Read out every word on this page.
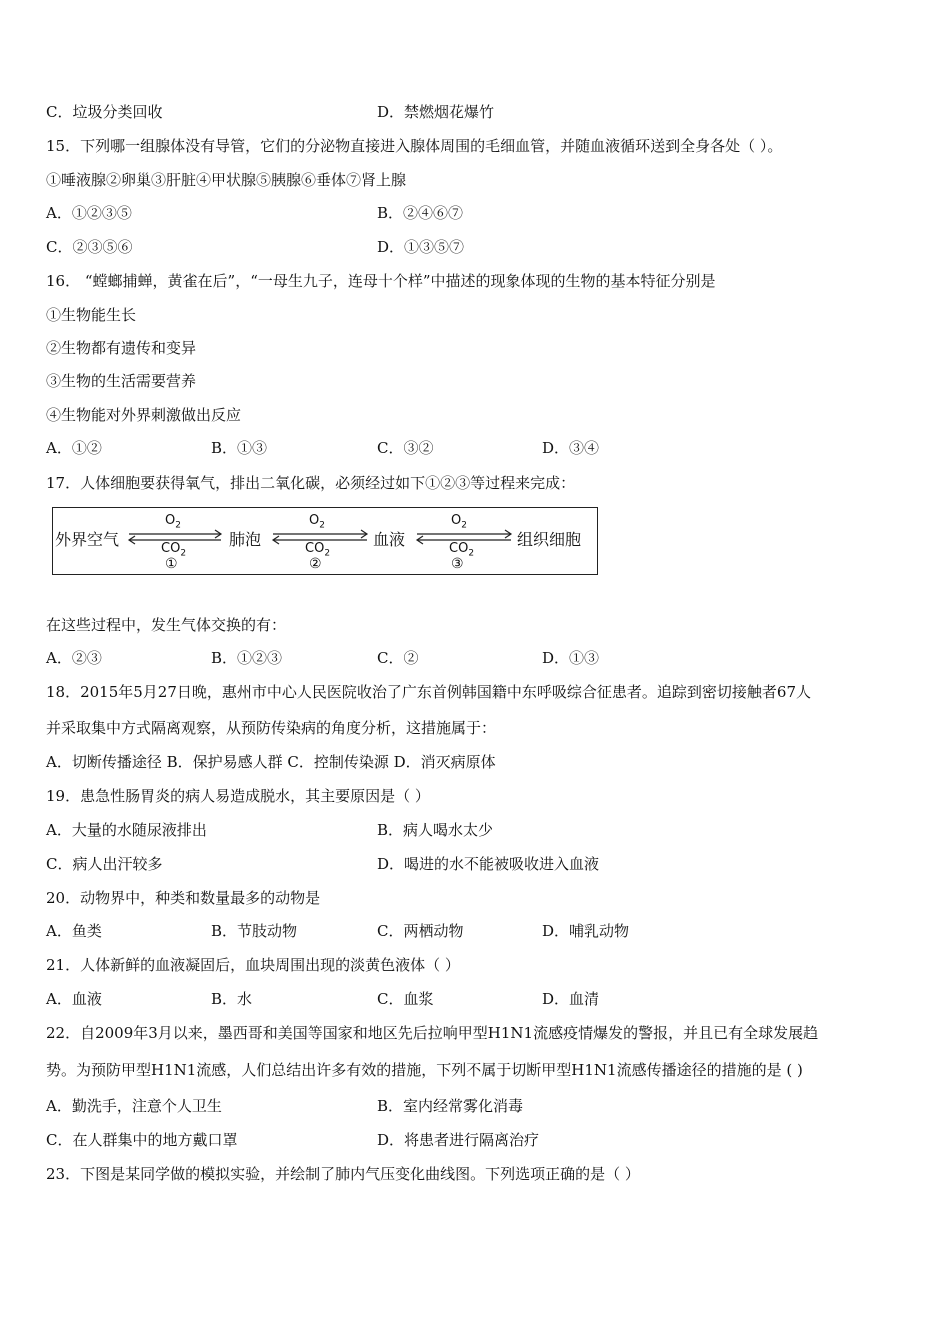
C．垃圾分类回收	D．禁燃烟花爆竹
15．下列哪一组腺体没有导管，它们的分泌物直接进入腺体周围的毛细血管，并随血液循环送到全身各处（ ）。
①唾液腺②卵巢③肝脏④甲状腺⑤胰腺⑥垂体⑦肾上腺
A．①②③⑤	B．②④⑥⑦
C．②③⑤⑥	D．①③⑤⑦
16． “螳螂捕蝉，黄雀在后”，“一母生九子，连母十个样”中描述的现象体现的生物的基本特征分别是
①生物能生长
②生物都有遗传和变异
③生物的生活需要营养
④生物能对外界刺激做出反应
A．①②	B．①③	C．③②	D．③④
17．人体细胞要获得氧气，排出二氧化碳，必须经过如下①②③等过程来完成：
外界空气	肺泡	血液	组织细胞
$O_2$	$O_2$	$O_2$
$CO_2$	$CO_2$	$CO_2$
①	②	③
在这些过程中，发生气体交换的有：
A．②③	B．①②③	C．②	D．①③
18．2015年5月27日晚，惠州市中心人民医院收治了广东首例韩国籍中东呼吸综合征患者。追踪到密切接触者67人
并采取集中方式隔离观察，从预防传染病的角度分析，这措施属于：
A．切断传播途径 B．保护易感人群 C．控制传染源 D．消灭病原体
19．患急性肠胃炎的病人易造成脱水，其主要原因是（ ）
A．大量的水随尿液排出	B．病人喝水太少
C．病人出汗较多	D．喝进的水不能被吸收进入血液
20．动物界中，种类和数量最多的动物是
A．鱼类	B．节肢动物	C．两栖动物	D．哺乳动物
21．人体新鲜的血液凝固后，血块周围出现的淡黄色液体（ ）
A．血液	B．水	C．血浆	D．血清
22．自2009年3月以来，墨西哥和美国等国家和地区先后拉响甲型H1N1流感疫情爆发的警报，并且已有全球发展趋
势。为预防甲型H1N1流感，人们总结出许多有效的措施，下列不属于切断甲型H1N1流感传播途径的措施的是 ( )
A．勤洗手，注意个人卫生	B．室内经常雾化消毒
C．在人群集中的地方戴口罩	D．将患者进行隔离治疗
23．下图是某同学做的模拟实验，并绘制了肺内气压变化曲线图。下列选项正确的是（ ）
